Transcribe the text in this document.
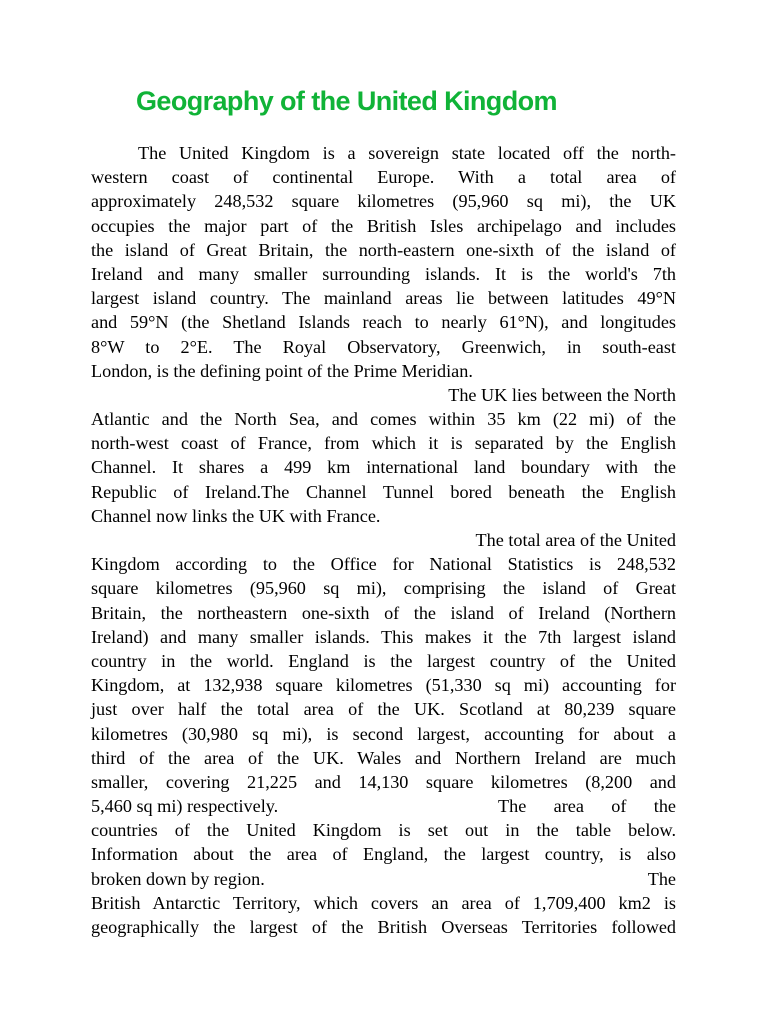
Geography of the United Kingdom
The United Kingdom is a sovereign state located off the north-
western coast of continental Europe. With a total area of
approximately 248,532 square kilometres (95,960 sq mi), the UK
occupies the major part of the British Isles archipelago and includes
the island of Great Britain, the north-eastern one-sixth of the island of
Ireland and many smaller surrounding islands. It is the world's 7th
largest island country. The mainland areas lie between latitudes 49°N
and 59°N (the Shetland Islands reach to nearly 61°N), and longitudes
8°W to 2°E. The Royal Observatory, Greenwich, in south-east
London, is the defining point of the Prime Meridian.
The UK lies between the North
Atlantic and the North Sea, and comes within 35 km (22 mi) of the
north-west coast of France, from which it is separated by the English
Channel. It shares a 499 km international land boundary with the
Republic of Ireland.The Channel Tunnel bored beneath the English
Channel now links the UK with France.
The total area of the United
Kingdom according to the Office for National Statistics is 248,532
square kilometres (95,960 sq mi), comprising the island of Great
Britain, the northeastern one-sixth of the island of Ireland (Northern
Ireland) and many smaller islands. This makes it the 7th largest island
country in the world. England is the largest country of the United
Kingdom, at 132,938 square kilometres (51,330 sq mi) accounting for
just over half the total area of the UK. Scotland at 80,239 square
kilometres (30,980 sq mi), is second largest, accounting for about a
third of the area of the UK. Wales and Northern Ireland are much
smaller, covering 21,225 and 14,130 square kilometres (8,200 and
5,460 sq mi) respectively.	The area of the
countries of the United Kingdom is set out in the table below.
Information about the area of England, the largest country, is also
broken down by region.	The
British Antarctic Territory, which covers an area of 1,709,400 km2 is
geographically the largest of the British Overseas Territories followed
